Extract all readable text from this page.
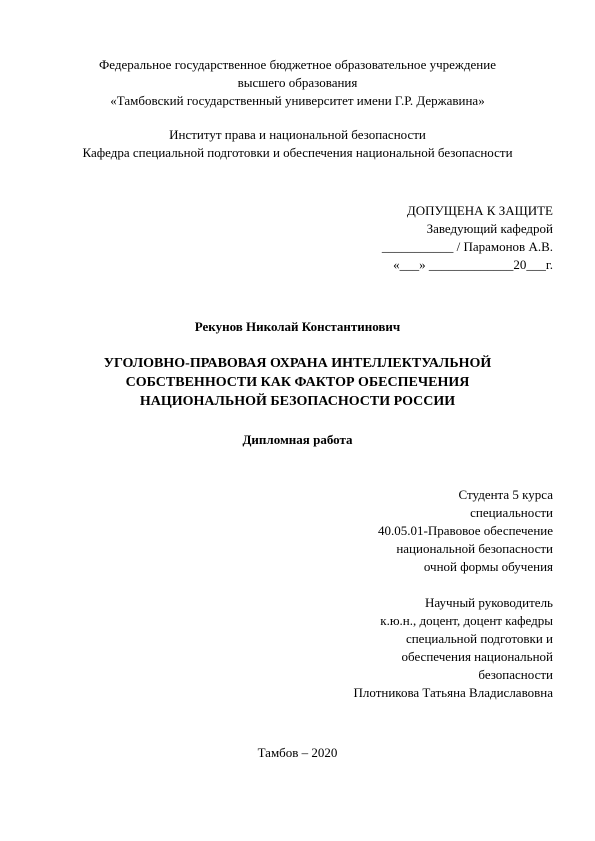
Федеральное государственное бюджетное образовательное учреждение
высшего образования
«Тамбовский государственный университет имени Г.Р. Державина»
Институт права и национальной безопасности
Кафедра специальной подготовки и обеспечения национальной безопасности
ДОПУЩЕНА К ЗАЩИТЕ
Заведующий кафедрой
___________ / Парамонов А.В.
«___» _____________20___г.
Рекунов Николай Константинович
УГОЛОВНО-ПРАВОВАЯ ОХРАНА ИНТЕЛЛЕКТУАЛЬНОЙ
СОБСТВЕННОСТИ КАК ФАКТОР ОБЕСПЕЧЕНИЯ
НАЦИОНАЛЬНОЙ БЕЗОПАСНОСТИ РОССИИ
Дипломная работа
Студента 5 курса
специальности
40.05.01-Правовое обеспечение
национальной безопасности
очной формы обучения
Научный руководитель
к.ю.н., доцент, доцент кафедры
специальной подготовки и
обеспечения национальной
безопасности
Плотникова Татьяна Владиславовна
Тамбов – 2020
